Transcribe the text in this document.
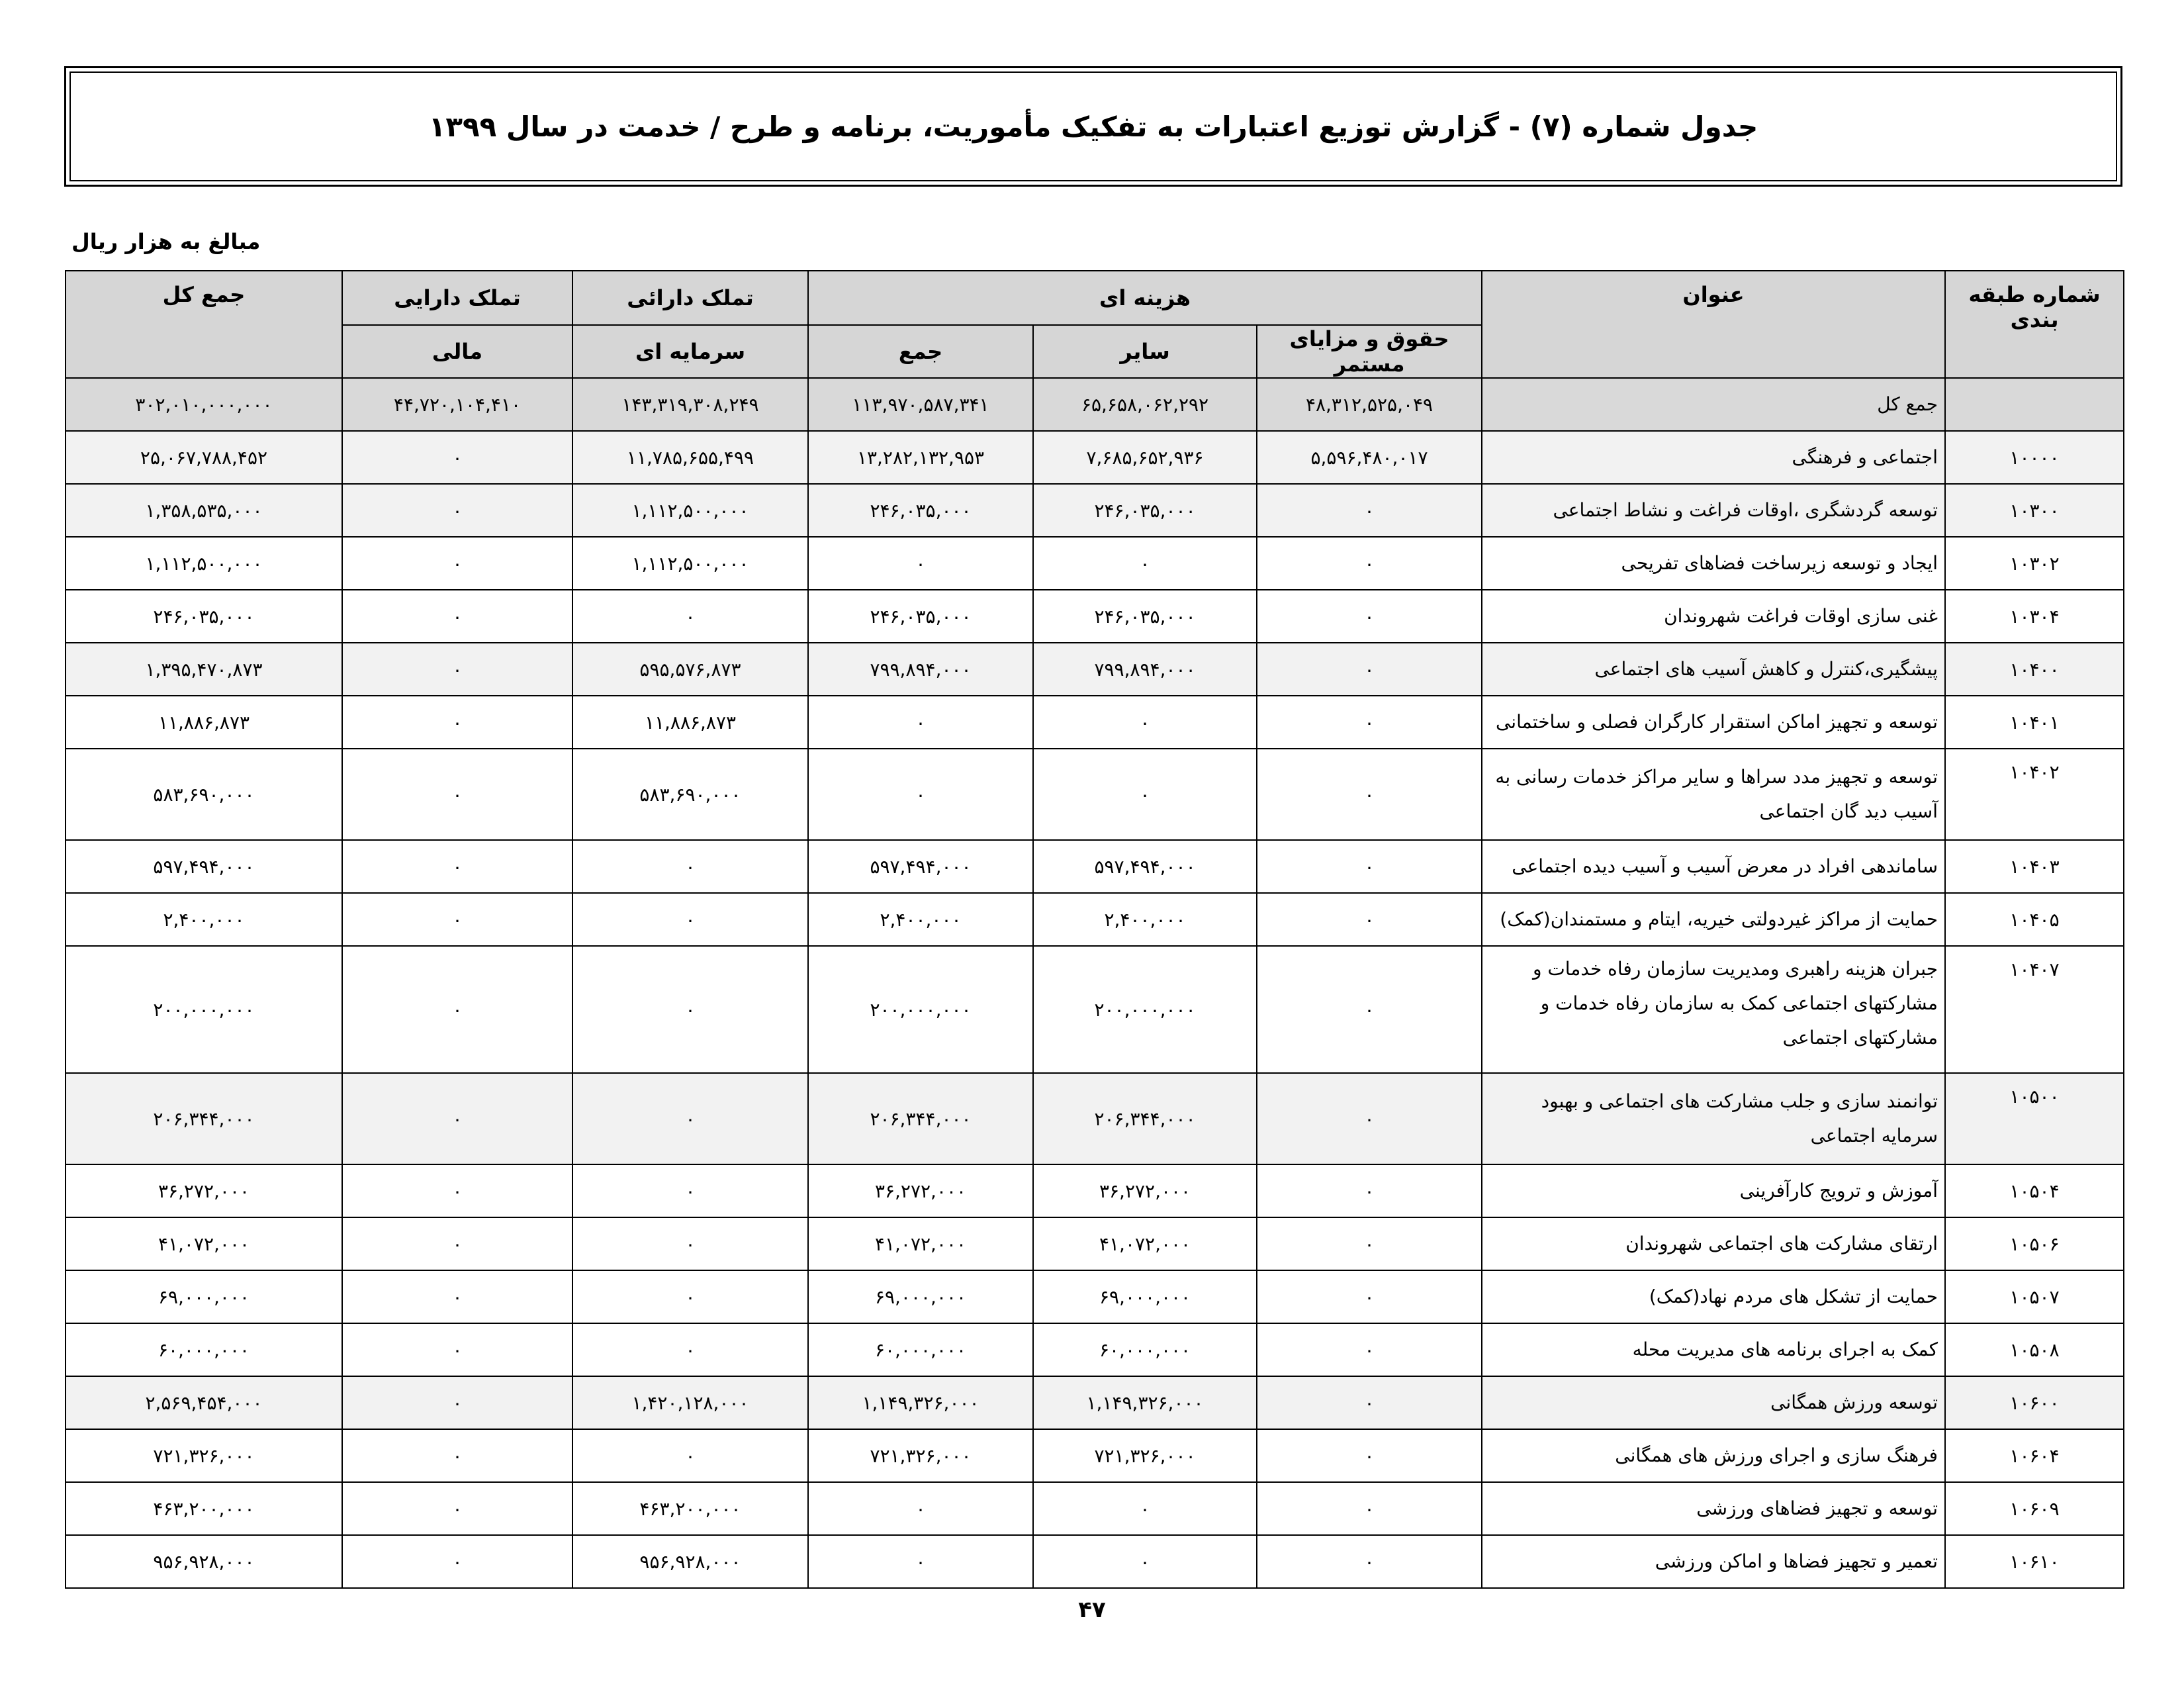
جدول شماره (۷) - گزارش توزیع اعتبارات به تفکیک مأموریت، برنامه و طرح / خدمت در سال ۱۳۹۹
مبالغ به هزار ریال
شماره طبقه بندی	عنوان	هزینه ای			تملک دارائی	تملک دارایی	جمع کل
		حقوق و مزایای مستمر	سایر	جمع	سرمایه ای	مالی	
	جمع کل	۴۸,۳۱۲,۵۲۵,۰۴۹	۶۵,۶۵۸,۰۶۲,۲۹۲	۱۱۳,۹۷۰,۵۸۷,۳۴۱	۱۴۳,۳۱۹,۳۰۸,۲۴۹	۴۴,۷۲۰,۱۰۴,۴۱۰	۳۰۲,۰۱۰,۰۰۰,۰۰۰
۱۰۰۰۰	اجتماعی و فرهنگی	۵,۵۹۶,۴۸۰,۰۱۷	۷,۶۸۵,۶۵۲,۹۳۶	۱۳,۲۸۲,۱۳۲,۹۵۳	۱۱,۷۸۵,۶۵۵,۴۹۹	۰	۲۵,۰۶۷,۷۸۸,۴۵۲
۱۰۳۰۰	توسعه گردشگری ،اوقات فراغت و نشاط اجتماعی	۰	۲۴۶,۰۳۵,۰۰۰	۲۴۶,۰۳۵,۰۰۰	۱,۱۱۲,۵۰۰,۰۰۰	۰	۱,۳۵۸,۵۳۵,۰۰۰
۱۰۳۰۲	ایجاد و توسعه زیرساخت فضاهای تفریحی	۰	۰	۰	۱,۱۱۲,۵۰۰,۰۰۰	۰	۱,۱۱۲,۵۰۰,۰۰۰
۱۰۳۰۴	غنی سازی اوقات فراغت شهروندان	۰	۲۴۶,۰۳۵,۰۰۰	۲۴۶,۰۳۵,۰۰۰	۰	۰	۲۴۶,۰۳۵,۰۰۰
۱۰۴۰۰	پیشگیری،کنترل و کاهش آسیب های اجتماعی	۰	۷۹۹,۸۹۴,۰۰۰	۷۹۹,۸۹۴,۰۰۰	۵۹۵,۵۷۶,۸۷۳	۰	۱,۳۹۵,۴۷۰,۸۷۳
۱۰۴۰۱	توسعه و تجهیز اماکن استقرار کارگران فصلی و ساختمانی	۰	۰	۰	۱۱,۸۸۶,۸۷۳	۰	۱۱,۸۸۶,۸۷۳
۱۰۴۰۲	توسعه و تجهیز مدد سراها و سایر مراکز خدمات رسانی به آسیب دید گان اجتماعی	۰	۰	۰	۵۸۳,۶۹۰,۰۰۰	۰	۵۸۳,۶۹۰,۰۰۰
۱۰۴۰۳	ساماندهی افراد در معرض آسیب و آسیب دیده اجتماعی	۰	۵۹۷,۴۹۴,۰۰۰	۵۹۷,۴۹۴,۰۰۰	۰	۰	۵۹۷,۴۹۴,۰۰۰
۱۰۴۰۵	حمایت از مراکز غیردولتی خیریه، ایتام و مستمندان(کمک)	۰	۲,۴۰۰,۰۰۰	۲,۴۰۰,۰۰۰	۰	۰	۲,۴۰۰,۰۰۰
۱۰۴۰۷	جبران هزینه راهبری ومدیریت سازمان رفاه خدمات و مشارکتهای اجتماعی کمک به سازمان رفاه خدمات و مشارکتهای اجتماعی	۰	۲۰۰,۰۰۰,۰۰۰	۲۰۰,۰۰۰,۰۰۰	۰	۰	۲۰۰,۰۰۰,۰۰۰
۱۰۵۰۰	توانمند سازی و جلب مشارکت های اجتماعی و بهبود سرمایه اجتماعی	۰	۲۰۶,۳۴۴,۰۰۰	۲۰۶,۳۴۴,۰۰۰	۰	۰	۲۰۶,۳۴۴,۰۰۰
۱۰۵۰۴	آموزش و ترویج کارآفرینی	۰	۳۶,۲۷۲,۰۰۰	۳۶,۲۷۲,۰۰۰	۰	۰	۳۶,۲۷۲,۰۰۰
۱۰۵۰۶	ارتقای مشارکت های اجتماعی شهروندان	۰	۴۱,۰۷۲,۰۰۰	۴۱,۰۷۲,۰۰۰	۰	۰	۴۱,۰۷۲,۰۰۰
۱۰۵۰۷	حمایت از تشکل های مردم نهاد(کمک)	۰	۶۹,۰۰۰,۰۰۰	۶۹,۰۰۰,۰۰۰	۰	۰	۶۹,۰۰۰,۰۰۰
۱۰۵۰۸	کمک به اجرای برنامه های مدیریت محله	۰	۶۰,۰۰۰,۰۰۰	۶۰,۰۰۰,۰۰۰	۰	۰	۶۰,۰۰۰,۰۰۰
۱۰۶۰۰	توسعه ورزش همگانی	۰	۱,۱۴۹,۳۲۶,۰۰۰	۱,۱۴۹,۳۲۶,۰۰۰	۱,۴۲۰,۱۲۸,۰۰۰	۰	۲,۵۶۹,۴۵۴,۰۰۰
۱۰۶۰۴	فرهنگ سازی و اجرای ورزش های همگانی	۰	۷۲۱,۳۲۶,۰۰۰	۷۲۱,۳۲۶,۰۰۰	۰	۰	۷۲۱,۳۲۶,۰۰۰
۱۰۶۰۹	توسعه و تجهیز فضاهای ورزشی	۰	۰	۰	۴۶۳,۲۰۰,۰۰۰	۰	۴۶۳,۲۰۰,۰۰۰
۱۰۶۱۰	تعمیر و تجهیز فضاها و اماکن ورزشی	۰	۰	۰	۹۵۶,۹۲۸,۰۰۰	۰	۹۵۶,۹۲۸,۰۰۰
۴۷
